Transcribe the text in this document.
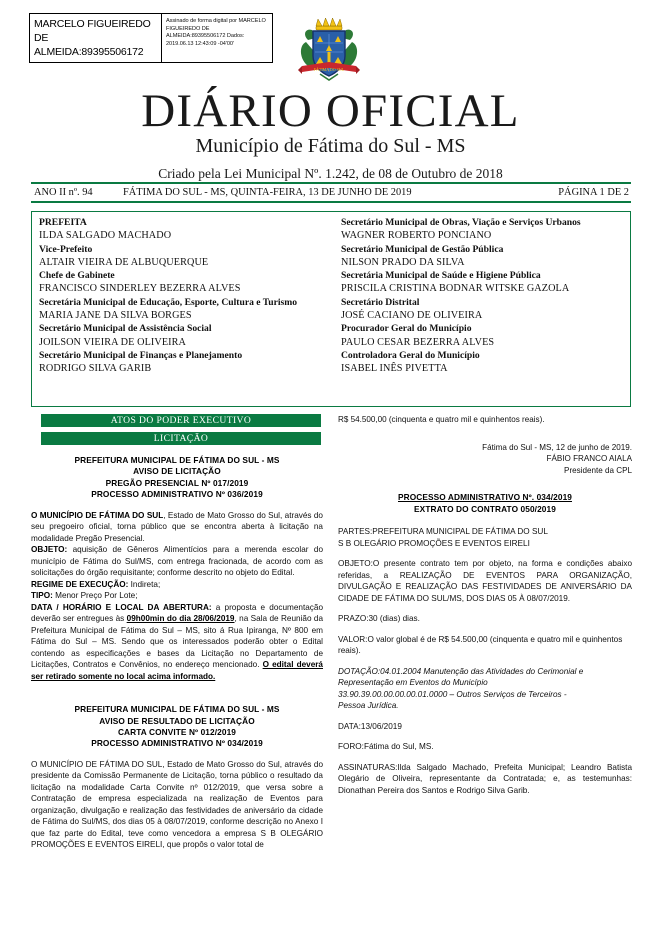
MARCELO FIGUEIREDO DE ALMEIDA:89395506172
Assinado de forma digital por MARCELO FIGUEIREDO DE ALMEIDA:89395506172 Dados: 2019.06.13 12:43:09 -04'00'
FÁTIMA DO SUL
DIÁRIO OFICIAL
Município de Fátima do Sul - MS
Criado pela Lei Municipal Nº. 1.242, de 08 de Outubro de 2018
ANO II nº. 94	FÁTIMA DO SUL - MS, QUINTA-FEIRA, 13 DE JUNHO DE 2019	PÁGINA 1 DE 2
PREFEITA
ILDA SALGADO MACHADO
Vice-Prefeito
ALTAIR VIEIRA DE ALBUQUERQUE
Chefe de Gabinete
FRANCISCO SINDERLEY BEZERRA ALVES
Secretária Municipal de Educação, Esporte, Cultura e Turismo
MARIA JANE DA SILVA BORGES
Secretário Municipal de Assistência Social
JOILSON VIEIRA DE OLIVEIRA
Secretário Municipal de Finanças e Planejamento
RODRIGO SILVA GARIB
Secretário Municipal de Obras, Viação e Serviços Urbanos
WAGNER ROBERTO PONCIANO
Secretário Municipal de Gestão Pública
NILSON PRADO DA SILVA
Secretária Municipal de Saúde e Higiene Pública
PRISCILA CRISTINA BODNAR WITSKE GAZOLA
Secretário Distrital
JOSÉ CACIANO DE OLIVEIRA
Procurador Geral do Município
PAULO CESAR BEZERRA ALVES
Controladora Geral do Município
ISABEL INÊS PIVETTA
ATOS DO PODER EXECUTIVO
LICITAÇÃO
PREFEITURA MUNICIPAL DE FÁTIMA DO SUL - MS
AVISO DE LICITAÇÃO
PREGÃO PRESENCIAL Nº 017/2019
PROCESSO ADMINISTRATIVO Nº 036/2019
O MUNICÍPIO DE FÁTIMA DO SUL, Estado de Mato Grosso do Sul, através do seu pregoeiro oficial, torna público que se encontra aberta à licitação na modalidade Pregão Presencial.
OBJETO: aquisição de Gêneros Alimentícios para a merenda escolar do município de Fátima do Sul/MS, com entrega fracionada, de acordo com as solicitações do órgão requisitante; conforme descrito no objeto do Edital.
REGIME DE EXECUÇÃO: Indireta;
TIPO: Menor Preço Por Lote;
DATA / HORÁRIO E LOCAL DA ABERTURA: a proposta e documentação deverão ser entregues às 09h00min do dia 28/06/2019, na Sala de Reunião da Prefeitura Municipal de Fátima do Sul – MS, sito á Rua Ipiranga, Nº 800 em Fátima do Sul – MS. Sendo que os interessados poderão obter o Edital contendo as especificações e bases da Licitação no Departamento de Licitações, Contratos e Convênios, no endereço mencionado. O edital deverá ser retirado somente no local acima informado.
PREFEITURA MUNICIPAL DE FÁTIMA DO SUL - MS
AVISO DE RESULTADO DE LICITAÇÃO
CARTA CONVITE Nº 012/2019
PROCESSO ADMINISTRATIVO Nº 034/2019
O MUNICÍPIO DE FÁTIMA DO SUL, Estado de Mato Grosso do Sul, através do presidente da Comissão Permanente de Licitação, torna público o resultado da licitação na modalidade Carta Convite nº 012/2019, que versa sobre a Contratação de empresa especializada na realização de Eventos para organização, divulgação e realização das festividades de aniversário da cidade de Fátima do Sul/MS, dos dias 05 à 08/07/2019, conforme descrição no Anexo I que faz parte do Edital, teve como vencedora a empresa S B OLEGÁRIO PROMOÇÕES E EVENTOS EIRELI, que propôs o valor total de
R$ 54.500,00 (cinquenta e quatro mil e quinhentos reais).
Fátima do Sul - MS, 12 de junho de 2019.
FÁBIO FRANCO AIALA
Presidente da CPL
PROCESSO ADMINISTRATIVO Nº. 034/2019
EXTRATO DO CONTRATO 050/2019
PARTES:PREFEITURA MUNICIPAL DE FÁTIMA DO SUL
S B OLEGÁRIO PROMOÇÕES E EVENTOS EIRELI
OBJETO:O presente contrato tem por objeto, na forma e condições abaixo referidas, a REALIZAÇÃO DE EVENTOS PARA ORGANIZAÇÃO, DIVULGAÇÃO E REALIZAÇÃO DAS FESTIVIDADES DE ANIVERSÁRIO DA CIDADE DE FÁTIMA DO SUL/MS, DOS DIAS 05 À 08/07/2019.
PRAZO:30 (dias) dias.
VALOR:O valor global é de R$ 54.500,00 (cinquenta e quatro mil e quinhentos reais).
DOTAÇÃO:04.01.2004 Manutenção das Atividades do Cerimonial e
Representação em Eventos do Município
33.90.39.00.00.00.00.01.0000 – Outros Serviços de Terceiros -
Pessoa Jurídica.
DATA:13/06/2019
FORO:Fátima do Sul, MS.
ASSINATURAS:Ilda Salgado Machado, Prefeita Municipal; Leandro Batista Olegário de Oliveira, representante da Contratada; e, as testemunhas: Dionathan Pereira dos Santos e Rodrigo Silva Garib.
